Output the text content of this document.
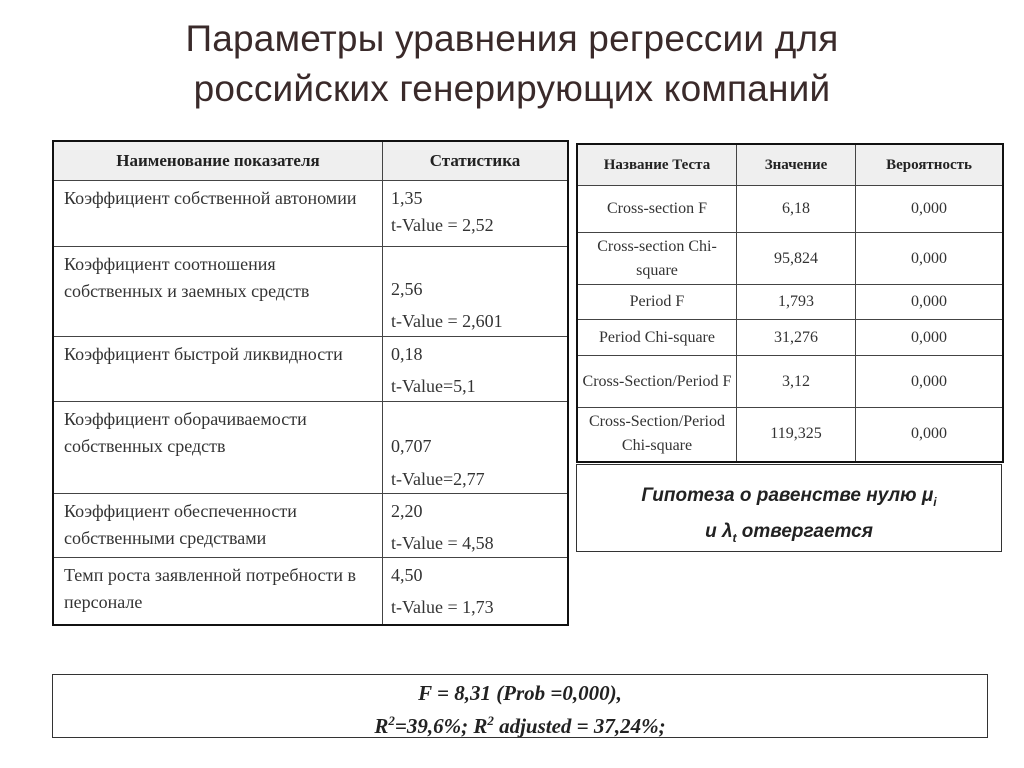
Параметры уравнения регрессии для
российских генерирующих компаний
Наименование показателя	Статистика
Коэффициент собственной автономии	1,35
t-Value = 2,52

Коэффициент соотношения собственных и заемных средств	2,56
t-Value = 2,601

Коэффициент быстрой ликвидности	0,18
t-Value=5,1

Коэффициент оборачиваемости собственных средств	0,707
t-Value=2,77

Коэффициент обеспеченности собственными средствами	2,20
t-Value = 4,58

Темп роста заявленной потребности в персонале	4,50
t-Value = 1,73
Название Теста	Значение	Вероятность
Cross-section F	6,18	0,000
Cross-section Chi-square	95,824	0,000
Period F	1,793	0,000
Period Chi-square	31,276	0,000
Cross-Section/Period F	3,12	0,000
Cross-Section/Period Chi-square	119,325	0,000
Гипотеза о равенстве нулю $\mu_i$
и $\lambda_t$ отвергается
F = 8,31 (Prob =0,000),
$R^2=39,6\%$; $R^2$ adjusted = 37,24%;
